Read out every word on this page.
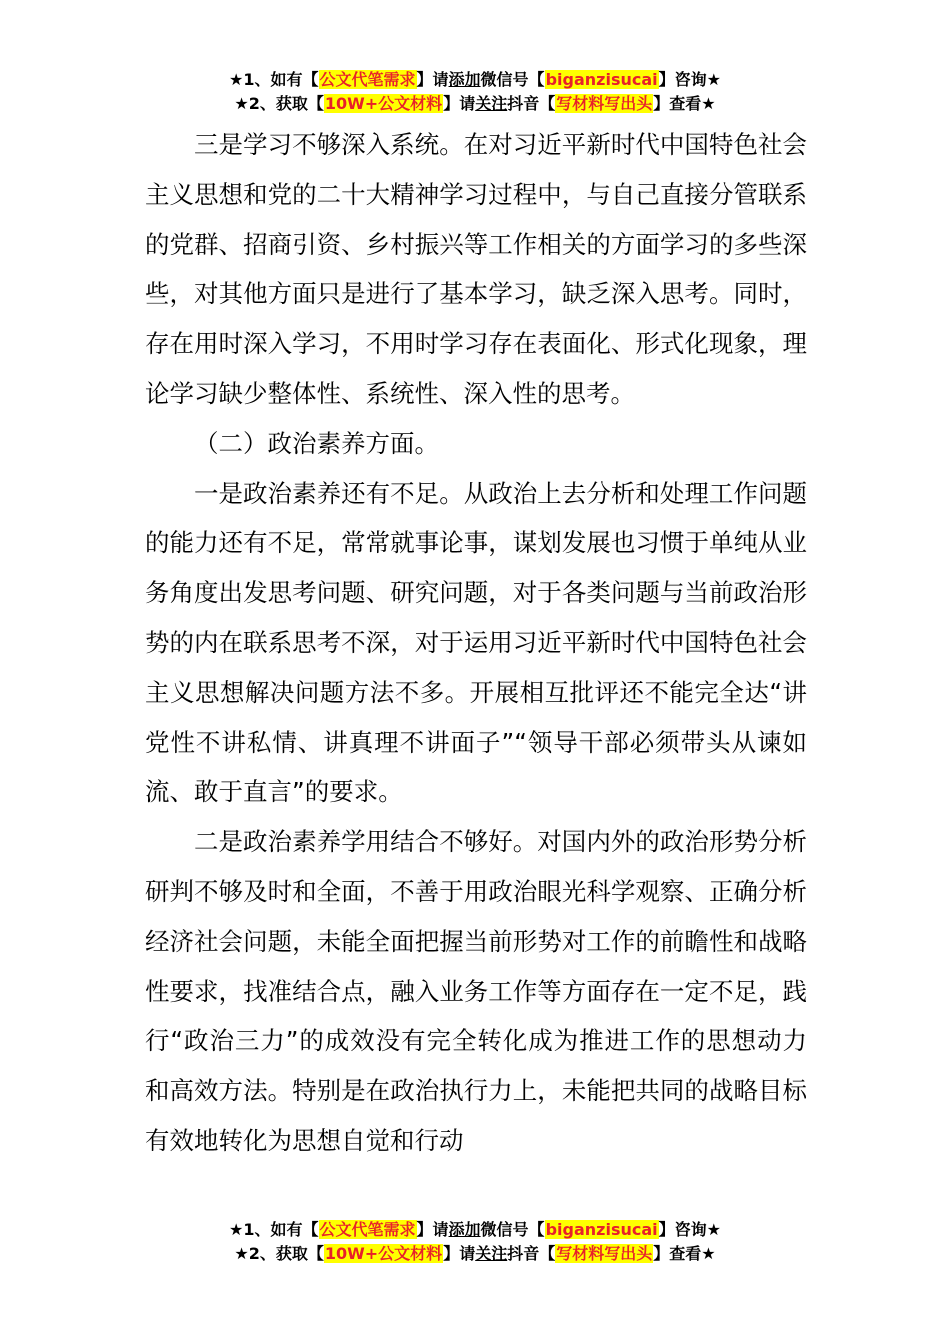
★1、如有【公文代笔需求】请添加微信号【biganzisucai】咨询★
★2、获取【10W+公文材料】请关注抖音【写材料写出头】查看★

三是学习不够深入系统。在对习近平新时代中国特色社会主义思想和党的二十大精神学习过程中，与自己直接分管联系的党群、招商引资、乡村振兴等工作相关的方面学习的多些深些，对其他方面只是进行了基本学习，缺乏深入思考。同时，存在用时深入学习，不用时学习存在表面化、形式化现象，理论学习缺少整体性、系统性、深入性的思考。

（二）政治素养方面。

一是政治素养还有不足。从政治上去分析和处理工作问题的能力还有不足，常常就事论事，谋划发展也习惯于单纯从业务角度出发思考问题、研究问题，对于各类问题与当前政治形势的内在联系思考不深，对于运用习近平新时代中国特色社会主义思想解决问题方法不多。开展相互批评还不能完全达“讲党性不讲私情、讲真理不讲面子”“领导干部必须带头从谏如流、敢于直言”的要求。

二是政治素养学用结合不够好。对国内外的政治形势分析研判不够及时和全面，不善于用政治眼光科学观察、正确分析经济社会问题，未能全面把握当前形势对工作的前瞻性和战略性要求，找准结合点，融入业务工作等方面存在一定不足，践行“政治三力”的成效没有完全转化成为推进工作的思想动力和高效方法。特别是在政治执行力上，未能把共同的战略目标有效地转化为思想自觉和行动

★1、如有【公文代笔需求】请添加微信号【biganzisucai】咨询★
★2、获取【10W+公文材料】请关注抖音【写材料写出头】查看★
